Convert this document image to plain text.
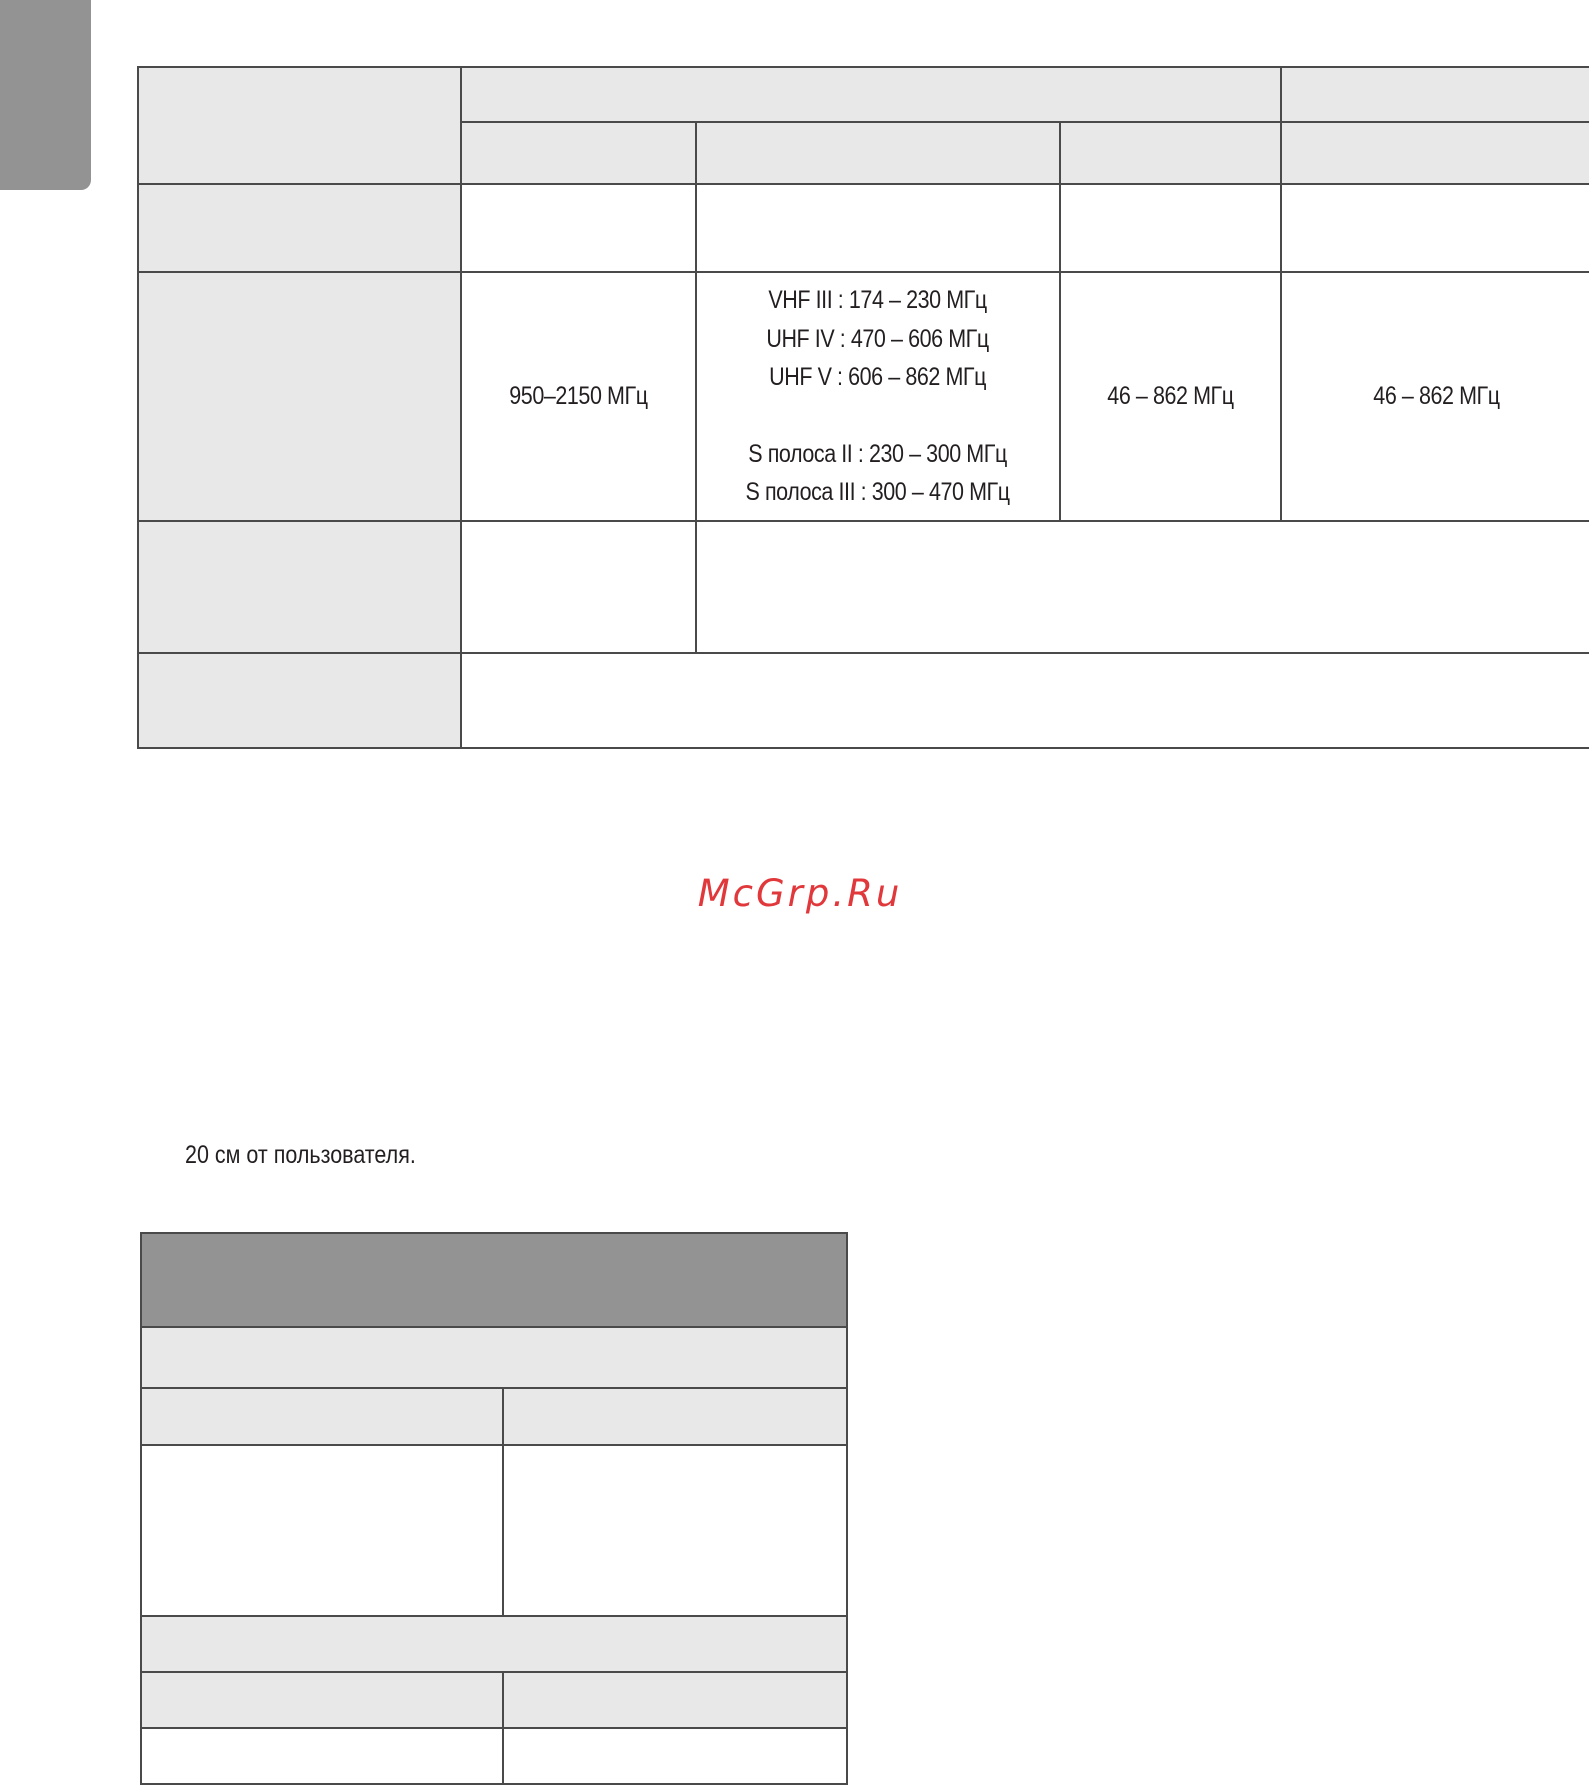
	950–2150 МГц	VHF III : 174 – 230 МГц
UHF IV : 470 – 606 МГц
UHF V : 606 – 862 МГц
S полоса II : 230 – 300 МГц
S полоса III : 300 – 470 МГц	46 – 862 МГц	46 – 862 МГц

McGrp.Ru
20 см от пользователя.
